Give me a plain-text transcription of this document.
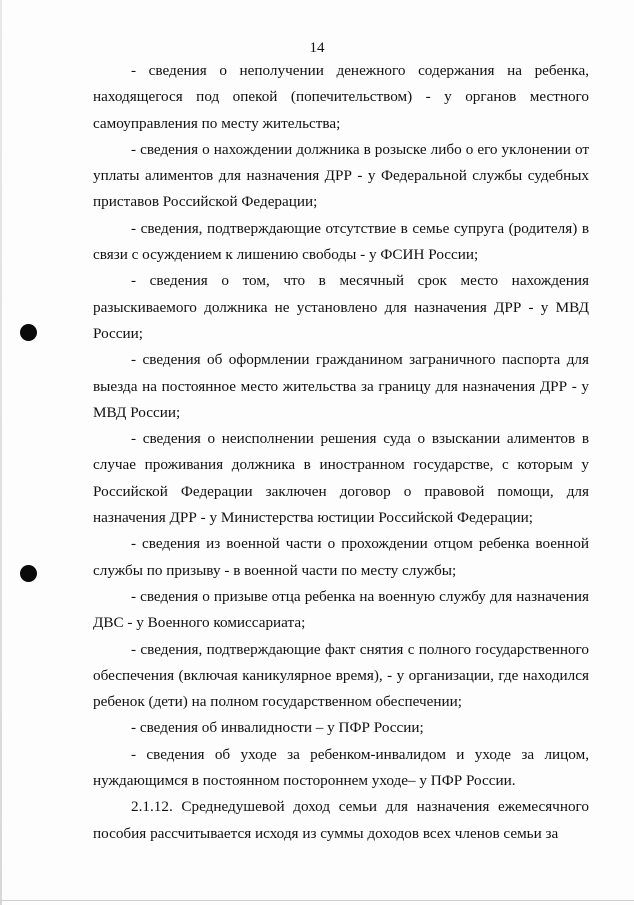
14

- сведения о неполучении денежного содержания на ребенка, находящегося под опекой (попечительством) - у органов местного самоуправления по месту жительства;

- сведения о нахождении должника в розыске либо о его уклонении от уплаты алиментов для назначения ДРР - у Федеральной службы судебных приставов Российской Федерации;

- сведения, подтверждающие отсутствие в семье супруга (родителя) в связи с осуждением к лишению свободы - у ФСИН России;

- сведения о том, что в месячный срок место нахождения разыскиваемого должника не установлено для назначения ДРР - у МВД России;

- сведения об оформлении гражданином заграничного паспорта для выезда на постоянное место жительства за границу для назначения ДРР - у МВД России;

- сведения о неисполнении решения суда о взыскании алиментов в случае проживания должника в иностранном государстве, с которым у Российской Федерации заключен договор о правовой помощи, для назначения ДРР - у Министерства юстиции Российской Федерации;

- сведения из военной части о прохождении отцом ребенка военной службы по призыву - в военной части по месту службы;

- сведения о призыве отца ребенка на военную службу для назначения ДВС - у Военного комиссариата;

- сведения, подтверждающие факт снятия с полного государственного обеспечения (включая каникулярное время), - у организации, где находился ребенок (дети) на полном государственном обеспечении;

- сведения об инвалидности – у ПФР России;

- сведения об уходе за ребенком-инвалидом и уходе за лицом, нуждающимся в постоянном постороннем уходе– у ПФР России.

2.1.12. Среднедушевой доход семьи для назначения ежемесячного пособия рассчитывается исходя из суммы доходов всех членов семьи за
